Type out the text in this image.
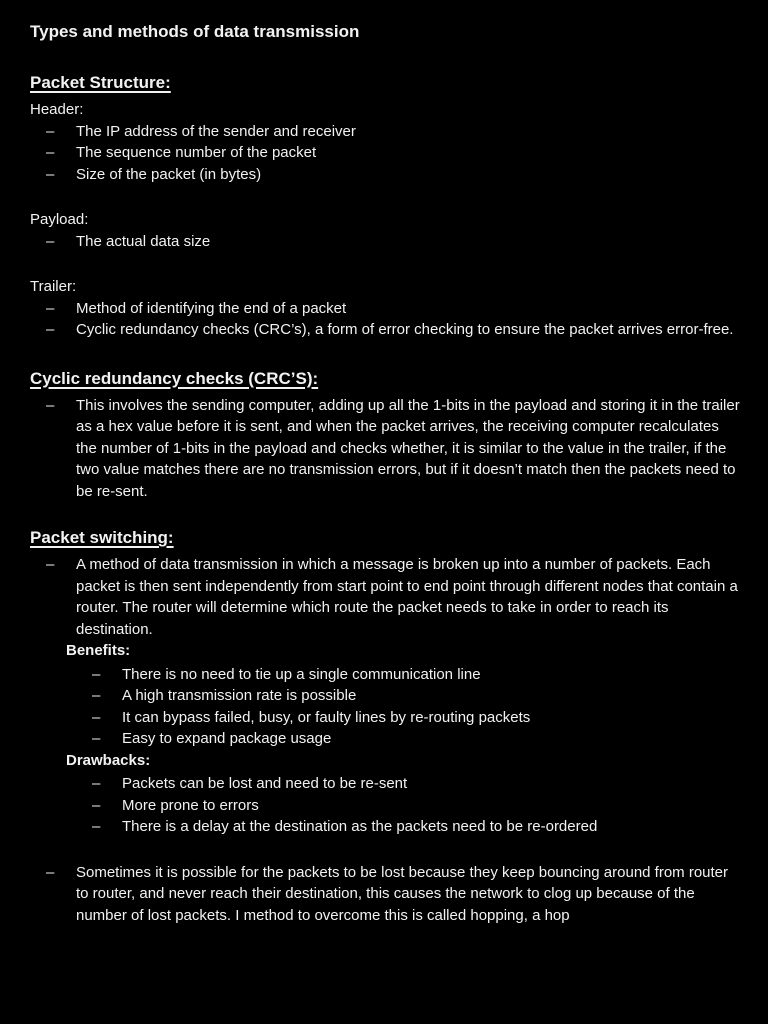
Types and methods of data transmission
Packet Structure:
Header:
– The IP address of the sender and receiver
– The sequence number of the packet
– Size of the packet (in bytes)
Payload:
– The actual data size
Trailer:
– Method of identifying the end of a packet
– Cyclic redundancy checks (CRC’s), a form of error checking to ensure the packet arrives error-free.
Cyclic redundancy checks (CRC’S):
– This involves the sending computer, adding up all the 1-bits in the payload and storing it in the trailer as a hex value before it is sent, and when the packet arrives, the receiving computer recalculates the number of 1-bits in the payload and checks whether, it is similar to the value in the trailer, if the two value matches there are no transmission errors, but if it doesn’t match then the packets need to be re-sent.
Packet switching:
– A method of data transmission in which a message is broken up into a number of packets. Each packet is then sent independently from start point to end point through different nodes that contain a router. The router will determine which route the packet needs to take in order to reach its destination.
Benefits:
– There is no need to tie up a single communication line
– A high transmission rate is possible
– It can bypass failed, busy, or faulty lines by re-routing packets
– Easy to expand package usage
Drawbacks:
– Packets can be lost and need to be re-sent
– More prone to errors
– There is a delay at the destination as the packets need to be re-ordered
– Sometimes it is possible for the packets to be lost because they keep bouncing around from router to router, and never reach their destination, this causes the network to clog up because of the number of lost packets. I method to overcome this is called hopping, a hop
